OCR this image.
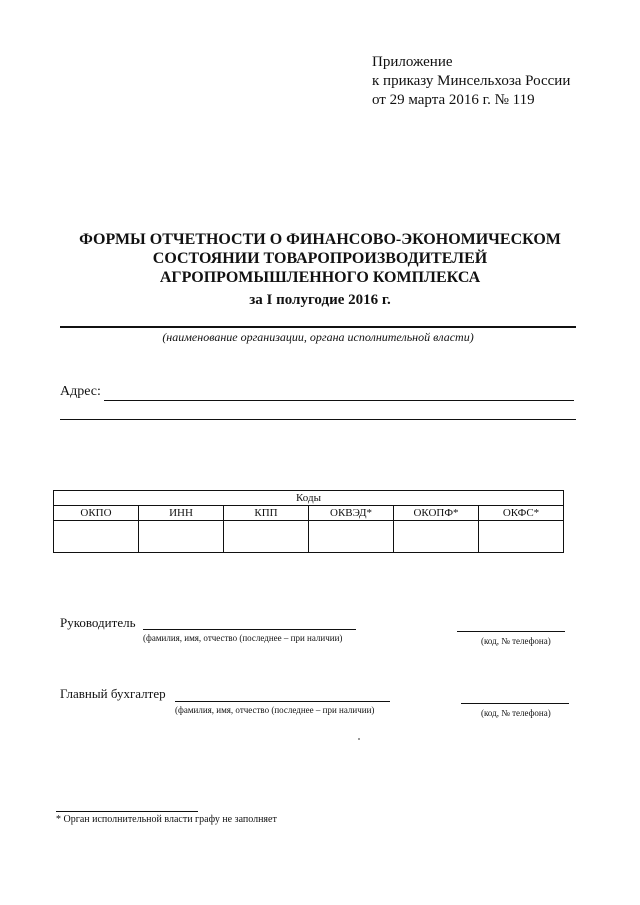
Приложение
к приказу Минсельхоза России
от 29 марта 2016 г. № 119
ФОРМЫ ОТЧЕТНОСТИ О ФИНАНСОВО-ЭКОНОМИЧЕСКОМ
СОСТОЯНИИ ТОВАРОПРОИЗВОДИТЕЛЕЙ
АГРОПРОМЫШЛЕННОГО КОМПЛЕКСА
за I полугодие 2016 г.
(наименование организации, органа исполнительной власти)
Адрес:
Коды					
ОКПО	ИНН	КПП	ОКВЭД*	ОКОПФ*	ОКФС*

Руководитель
(фамилия, имя, отчество (последнее – при наличии)	(код, № телефона)
Главный бухгалтер
(фамилия, имя, отчество (последнее – при наличии)	(код, № телефона)
* Орган исполнительной власти графу не заполняет
